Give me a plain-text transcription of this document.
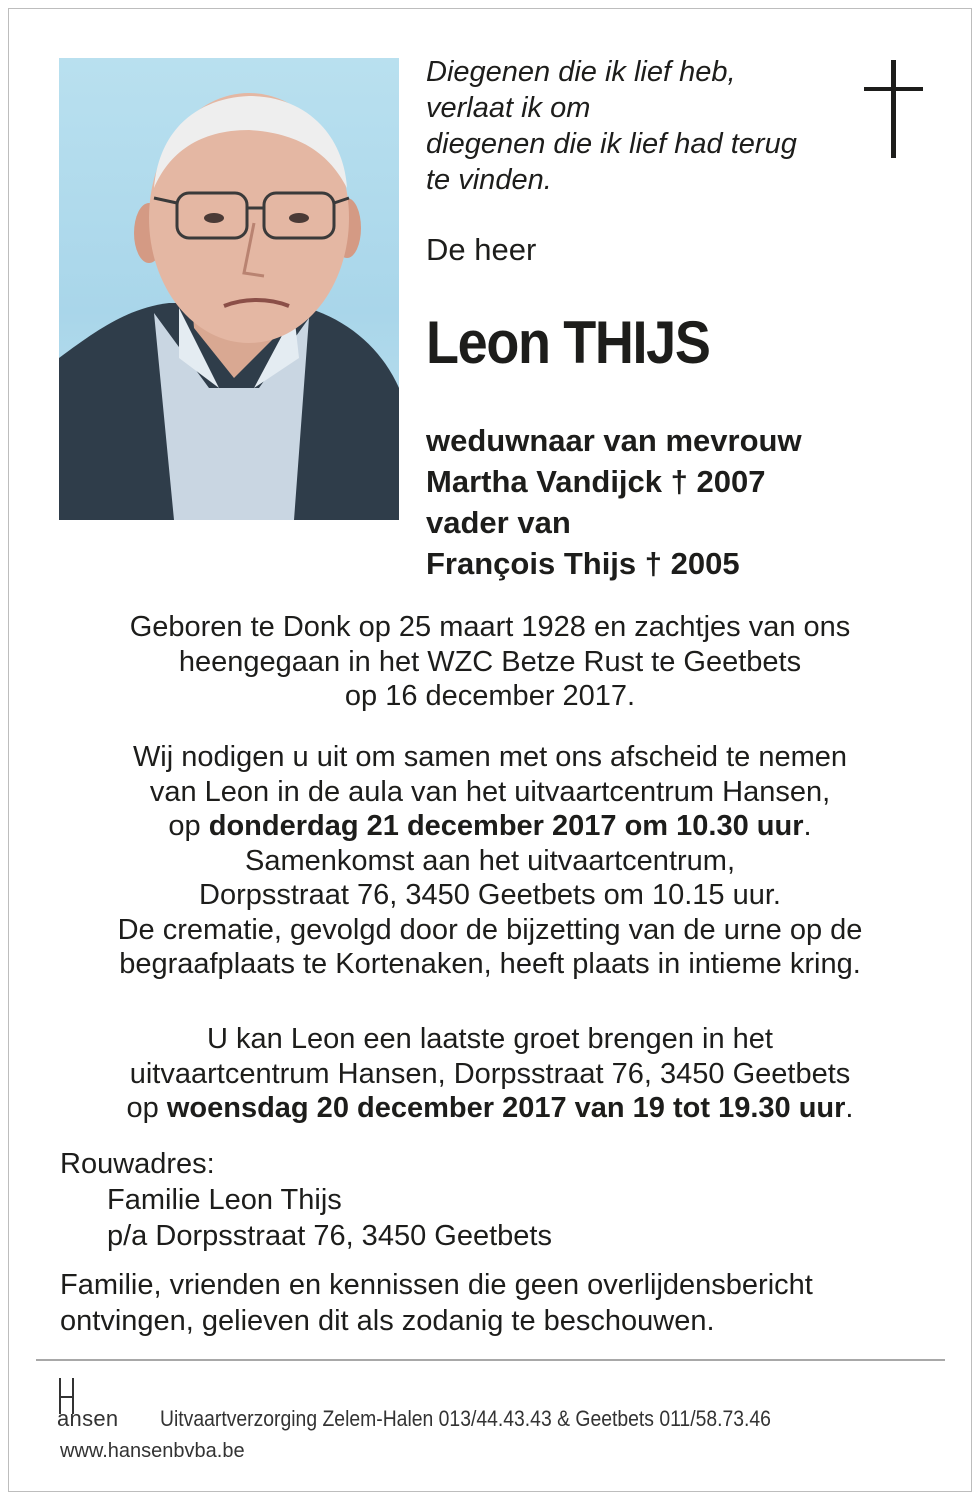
Diegenen die ik lief heb,

verlaat ik om

diegenen die ik lief had terug

te vinden.

De heer
Leon THIJS

weduwnaar van mevrouw

Martha Vandijck † 2007

vader van

François Thijs † 2005

Geboren te Donk op 25 maart 1928 en zachtjes van ons

heengegaan in het WZC Betze Rust te Geetbets

op 16 december 2017.

Wij nodigen u uit om samen met ons afscheid te nemen

van Leon in de aula van het uitvaartcentrum Hansen,

op donderdag 21 december 2017 om 10.30 uur.

Samenkomst aan het uitvaartcentrum,

Dorpsstraat 76, 3450 Geetbets om 10.15 uur.

De crematie, gevolgd door de bijzetting van de urne op de

begraafplaats te Kortenaken, heeft plaats in intieme kring.

U kan Leon een laatste groet brengen in het

uitvaartcentrum Hansen, Dorpsstraat 76, 3450 Geetbets

op woensdag 20 december 2017 van 19 tot 19.30 uur.

Rouwadres:

Familie Leon Thijs

p/a Dorpsstraat 76, 3450 Geetbets

Familie, vrienden en kennissen die geen overlijdensbericht

ontvingen, gelieven dit als zodanig te beschouwen.

ansen Uitvaartverzorging Zelem-Halen 013/44.43.43 & Geetbets 011/58.73.46
www.hansenbvba.be
